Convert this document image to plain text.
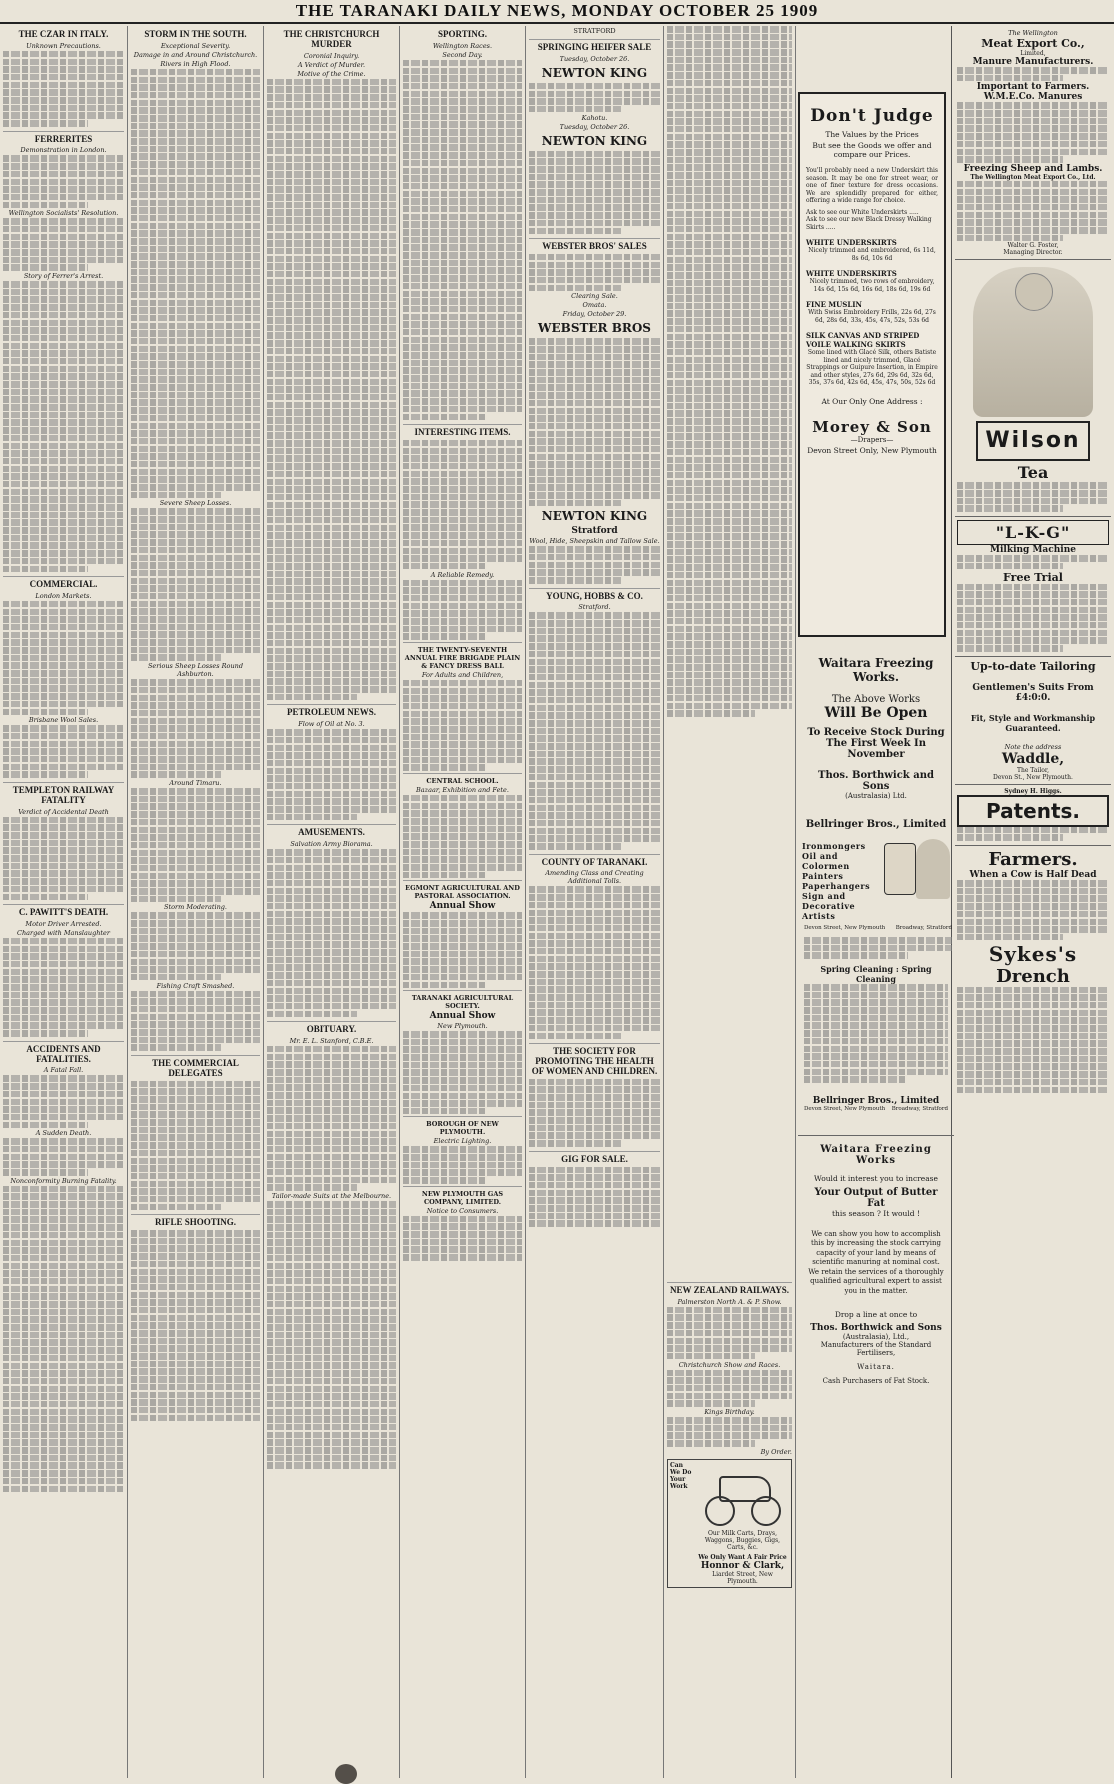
THE TARANAKI DAILY NEWS, MONDAY OCTOBER 25 1909
THE CZAR IN ITALY.
Unknown Precautions.
FERRERITES
Demonstration in London.
Wellington Socialists' Resolution.
Story of Ferrer's Arrest.
COMMERCIAL.
London Markets.
Brisbane Wool Sales.
TEMPLETON RAILWAY FATALITY
Verdict of Accidental Death
C. PAWITT'S DEATH.
Motor Driver Arrested.
Charged with Manslaughter
ACCIDENTS AND FATALITIES.
A Fatal Fall.
A Sudden Death.
Nonconformity Burning Fatality.
STORM IN THE SOUTH.
Exceptional Severity.
Damage in and Around Christchurch.
Rivers in High Flood.
Severe Sheep Losses.
Serious Sheep Losses Round Ashburton.
Around Timaru.
Storm Moderating.
Fishing Craft Smashed.
THE COMMERCIAL DELEGATES
RIFLE SHOOTING.
THE CHRISTCHURCH MURDER
Coronial Inquiry.
A Verdict of Murder.
Motive of the Crime.
PETROLEUM NEWS.
Flow of Oil at No. 3.
AMUSEMENTS.
Salvation Army Biorama.
OBITUARY.
Mr. E. L. Stanford, C.B.E.
Tailor-made Suits at the Melbourne.
SPORTING.
Wellington Races.
Second Day.
INTERESTING ITEMS.
A Reliable Remedy.
THE TWENTY-SEVENTH ANNUAL FIRE BRIGADE PLAIN & FANCY DRESS BALL
For Adults and Children,
CENTRAL SCHOOL.
Bazaar, Exhibition and Fete.
EGMONT AGRICULTURAL AND PASTORAL ASSOCIATION.
Annual Show
TARANAKI AGRICULTURAL SOCIETY.
Annual Show
New Plymouth.
BOROUGH OF NEW PLYMOUTH.
Electric Lighting.
NEW PLYMOUTH GAS COMPANY, LIMITED.
Notice to Consumers.
STRATFORD
SPRINGING HEIFER SALE
Tuesday, October 26.
NEWTON KING
Kahotu.
Tuesday, October 26.
NEWTON KING
WEBSTER BROS' SALES
Clearing Sale.
Omata.
Friday, October 29.
WEBSTER BROS
NEWTON KING
Stratford
Wool, Hide, Sheepskin and Tallow Sale.
YOUNG, HOBBS & CO.
Stratford.
COUNTY OF TARANAKI.
Amending Class and Creating Additional Tolls.
THE SOCIETY FOR PROMOTING THE HEALTH OF WOMEN AND CHILDREN.
GIG FOR SALE.
NEW ZEALAND RAILWAYS.
Palmerston North A. & P. Show.
Christchurch Show and Races.
Kings Birthday.
By Order.
Can We Do Your Work
Our Milk Carts, Drays, Waggons, Buggies, Gigs, Carts, &c.
We Only Want A Fair Price
Honnor & Clark,
Liardet Street, New Plymouth.
Don't Judge
The Values by the Prices
But see the Goods we offer and compare our Prices.
You'll probably need a new Underskirt this season. It may be one for street wear, or one of finer texture for dress occasions. We are splendidly prepared for either, offering a wide range for choice.
Ask to see our White Underskirts .....
Ask to see our new Black Dressy Walking Skirts .....
WHITE UNDERSKIRTS
Nicely trimmed and embroidered, 6s 11d, 8s 6d, 10s 6d
WHITE UNDERSKIRTS
Nicely trimmed, two rows of embroidery, 14s 6d, 15s 6d, 16s 6d, 18s 6d, 19s 6d
FINE MUSLIN
With Swiss Embroidery Frills, 22s 6d, 27s 6d, 28s 6d, 33s, 45s, 47s, 52s, 53s 6d
SILK CANVAS AND STRIPED VOILE WALKING SKIRTS
Some lined with Glacé Silk, others Batiste lined and nicely trimmed, Glacé Strappings or Guipure Insertion, in Empire and other styles, 27s 6d, 29s 6d, 32s 6d, 35s, 37s 6d, 42s 6d, 45s, 47s, 50s, 52s 6d
At Our Only One Address :
Morey & Son
—Drapers—
Devon Street Only, New Plymouth
Waitara Freezing Works.
The Above Works
Will Be Open
To Receive Stock During The First Week In November
Thos. Borthwick and Sons
(Australasia) Ltd.
Bellringer Bros., Limited
Ironmongers
Oil and
Colormen
Painters
Paperhangers
Sign and
Decorative
Artists
Devon Street, New Plymouth Broadway, Stratford
Spring Cleaning : Spring Cleaning
Bellringer Bros., Limited
Devon Street, New Plymouth Broadway, Stratford
Waitara Freezing Works
Would it interest you to increase
Your Output of Butter Fat
this season ? It would !
We can show you how to accomplish this by increasing the stock carrying capacity of your land by means of scientific manuring at nominal cost. We retain the services of a thoroughly qualified agricultural expert to assist you in the matter.
Drop a line at once to
Thos. Borthwick and Sons
(Australasia), Ltd.,
Manufacturers of the Standard Fertilisers,
Waitara.
Cash Purchasers of Fat Stock.
The Wellington
Meat Export Co.,
Limited,
Manure Manufacturers.
Important to Farmers.
W.M.E.Co. Manures
Freezing Sheep and Lambs.
The Wellington Meat Export Co., Ltd.
Walter G. Foster,
Managing Director.
Wilson
Tea
"L-K-G"
Milking Machine
Free Trial
Up-to-date Tailoring
Gentlemen's Suits From £4:0:0.
Fit, Style and Workmanship Guaranteed.
Note the address
Waddle,
The Tailor,
Devon St., New Plymouth.
Sydney H. Higgs.
Patents.
Farmers.
When a Cow is Half Dead
Sykes's
Drench
